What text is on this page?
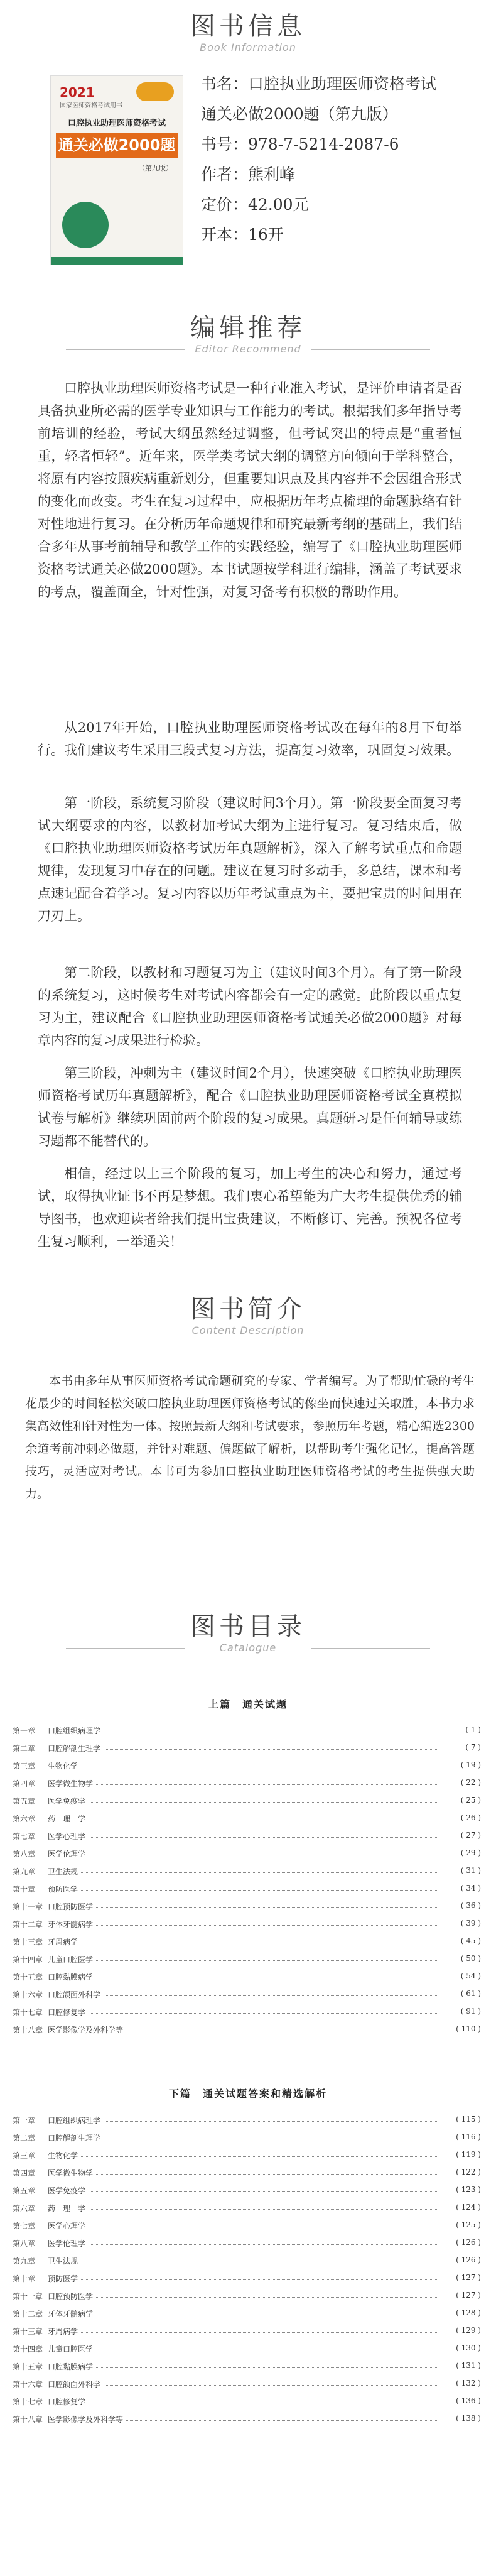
图书信息
Book Information
2021
国家医师资格考试用书
口腔执业助理医师资格考试
通关必做2000题
（第九版）
书名：口腔执业助理医师资格考试
通关必做2000题（第九版）
书号：978-7-5214-2087-6
作者：熊利峰
定价：42.00元
开本：16开
编辑推荐
Editor Recommend
口腔执业助理医师资格考试是一种行业准入考试，是评价申请者是否具备执业所必需的医学专业知识与工作能力的考试。根据我们多年指导考前培训的经验，考试大纲虽然经过调整，但考试突出的特点是“重者恒重，轻者恒轻”。近年来，医学类考试大纲的调整方向倾向于学科整合，将原有内容按照疾病重新划分，但重要知识点及其内容并不会因组合形式的变化而改变。考生在复习过程中，应根据历年考点梳理的命题脉络有针对性地进行复习。在分析历年命题规律和研究最新考纲的基础上，我们结合多年从事考前辅导和教学工作的实践经验，编写了《口腔执业助理医师资格考试通关必做2000题》。本书试题按学科进行编排，涵盖了考试要求的考点，覆盖面全，针对性强，对复习备考有积极的帮助作用。
从2017年开始，口腔执业助理医师资格考试改在每年的8月下旬举行。我们建议考生采用三段式复习方法，提高复习效率，巩固复习效果。
第一阶段，系统复习阶段（建议时间3个月）。第一阶段要全面复习考试大纲要求的内容，以教材加考试大纲为主进行复习。复习结束后，做《口腔执业助理医师资格考试历年真题解析》，深入了解考试重点和命题规律，发现复习中存在的问题。建议在复习时多动手，多总结，课本和考点速记配合着学习。复习内容以历年考试重点为主，要把宝贵的时间用在刀刃上。
第二阶段，以教材和习题复习为主（建议时间3个月）。有了第一阶段的系统复习，这时候考生对考试内容都会有一定的感觉。此阶段以重点复习为主，建议配合《口腔执业助理医师资格考试通关必做2000题》对每章内容的复习成果进行检验。
第三阶段，冲刺为主（建议时间2个月），快速突破《口腔执业助理医师资格考试历年真题解析》，配合《口腔执业助理医师资格考试全真模拟试卷与解析》继续巩固前两个阶段的复习成果。真题研习是任何辅导或练习题都不能替代的。
相信，经过以上三个阶段的复习，加上考生的决心和努力，通过考试，取得执业证书不再是梦想。我们衷心希望能为广大考生提供优秀的辅导图书，也欢迎读者给我们提出宝贵建议，不断修订、完善。预祝各位考生复习顺利，一举通关！
图书简介
Content Description
本书由多年从事医师资格考试命题研究的专家、学者编写。为了帮助忙碌的考生花最少的时间轻松突破口腔执业助理医师资格考试的像坐而快速过关取胜，本书力求集高效性和针对性为一体。按照最新大纲和考试要求，参照历年考题，精心编选2300余道考前冲刺必做题，并针对难题、偏题做了解析，以帮助考生强化记忆，提高答题技巧，灵活应对考试。本书可为参加口腔执业助理医师资格考试的考生提供强大助力。
图书目录
Catalogue
上篇　通关试题
第一章 口腔组织病理学	( 1 )
第二章 口腔解剖生理学	( 7 )
第三章 生物化学	( 19 )
第四章 医学微生物学	( 22 )
第五章 医学免疫学	( 25 )
第六章 药　理　学	( 26 )
第七章 医学心理学	( 27 )
第八章 医学伦理学	( 29 )
第九章 卫生法规	( 31 )
第十章 预防医学	( 34 )
第十一章 口腔预防医学	( 36 )
第十二章 牙体牙髓病学	( 39 )
第十三章 牙周病学	( 45 )
第十四章 儿童口腔医学	( 50 )
第十五章 口腔黏膜病学	( 54 )
第十六章 口腔颌面外科学	( 61 )
第十七章 口腔修复学	( 91 )
第十八章 医学影像学及外科学等	( 110 )
下篇　通关试题答案和精选解析
第一章 口腔组织病理学	( 115 )
第二章 口腔解剖生理学	( 116 )
第三章 生物化学	( 119 )
第四章 医学微生物学	( 122 )
第五章 医学免疫学	( 123 )
第六章 药　理　学	( 124 )
第七章 医学心理学	( 125 )
第八章 医学伦理学	( 126 )
第九章 卫生法规	( 126 )
第十章 预防医学	( 127 )
第十一章 口腔预防医学	( 127 )
第十二章 牙体牙髓病学	( 128 )
第十三章 牙周病学	( 129 )
第十四章 儿童口腔医学	( 130 )
第十五章 口腔黏膜病学	( 131 )
第十六章 口腔颌面外科学	( 132 )
第十七章 口腔修复学	( 136 )
第十八章 医学影像学及外科学等	( 138 )
